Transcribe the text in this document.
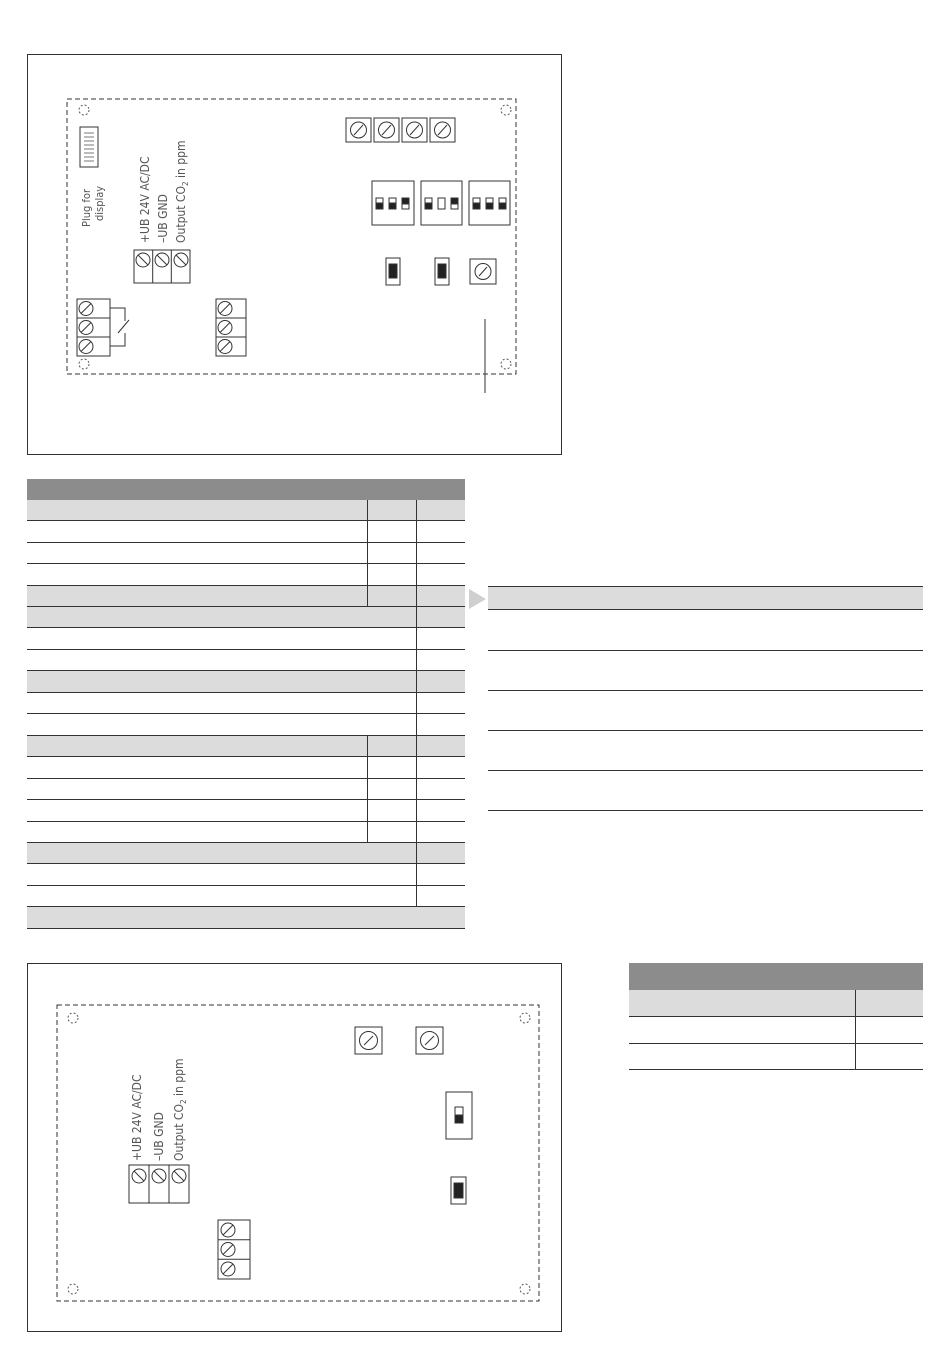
Plug for display	+UB 24V AC/DC –UB GND Output $CO_2$ in ppm
+UB 24V AC/DC –UB GND Output $CO_2$ in ppm
